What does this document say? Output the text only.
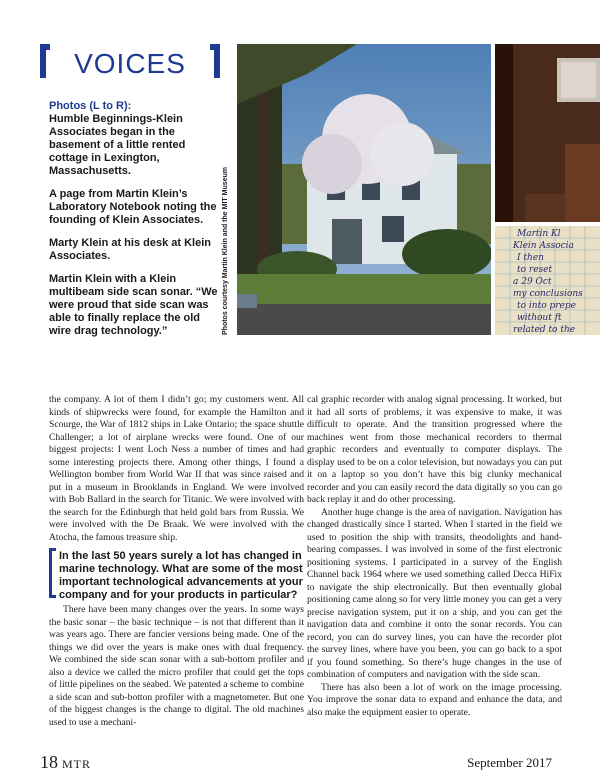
VOICES

Photos (L to R):

Humble Beginnings-Klein Associates began in the basement of a little rented cottage in Lexington, Massachusetts.

A page from Martin Klein’s Laboratory Notebook noting the founding of Klein Associates.

Marty Klein at his desk at Klein Associates.

Martin Klein with a Klein multibeam side scan sonar. “We were proud that side scan was able to finally replace the old wire drag technology.”

Martin Kl
Klein Associa
I then
to reset
a 29 Oct
my conclusions
to into prepe
without ft
related to the
Photos courtesy Martin Klein and the MIT Museum

the company. A lot of them I didn’t go; my customers went. All kinds of shipwrecks were found, for example the Hamilton and Scourge, the War of 1812 ships in Lake Ontario; the space shuttle Challenger; a lot of airplane wrecks were found. One of our biggest projects: I went Loch Ness a number of times and had some interesting projects there. Among other things, I found a Wellington bomber from World War II that was since raised and put in a museum in Brooklands in England. We were involved with Bob Ballard in the search for Titanic. We were involved with the search for the Edinburgh that held gold bars from Russia. We were involved with the De Braak. We were involved with the Atocha, the famous treasure ship.

In the last 50 years surely a lot has changed in marine technology. What are some of the most important technological advancements at your company and for your products in particular?

There have been many changes over the years. In some ways the basic sonar – the basic technique – is not that different than it was years ago. There are fancier versions being made. One of the things we did over the years is make ones with dual frequency. We combined the side scan sonar with a sub-bottom profiler and also a device we called the micro profiler that could get the tops of little pipelines on the seabed. We patented a scheme to combine a side scan and sub-botton profiler with a magnetometer. But one of the biggest changes is the change to digital. The old machines used to use a mechani-

cal graphic recorder with analog signal processing. It worked, but it had all sorts of problems, it was expensive to make, it was difficult to operate. And the transition progressed where the machines went from those mechanical recorders to thermal graphic recorders and eventually to computer displays. The display used to be on a color television, but nowadays you can put it on a laptop so you don’t have this big clunky mechanical recorder and you can easily record the data digitally so you can go back replay it and do other processing.

Another huge change is the area of navigation. Navigation has changed drastically since I started. When I started in the field we used to position the ship with transits, theodolights and hand-bearing compasses. I was involved in some of the first electronic positioning systems. I participated in a survey of the English Channel back 1964 where we used something called Decca HiFix to navigate the ship electronically. But then eventually global positioning came along so for very little money you can get a very precise navigation system, put it on a ship, and you can get the navigation data and combine it onto the sonar records. You can record, you can do survey lines, you can have the recorder plot the survey lines, where have you been, you can go back to a spot if you found something. So there’s huge changes in the use of combination of computers and navigation with the side scan.

There has also been a lot of work on the image processing. You improve the sonar data to expand and enhance the data, and also make the equipment easier to operate.

18 MTR	September 2017
